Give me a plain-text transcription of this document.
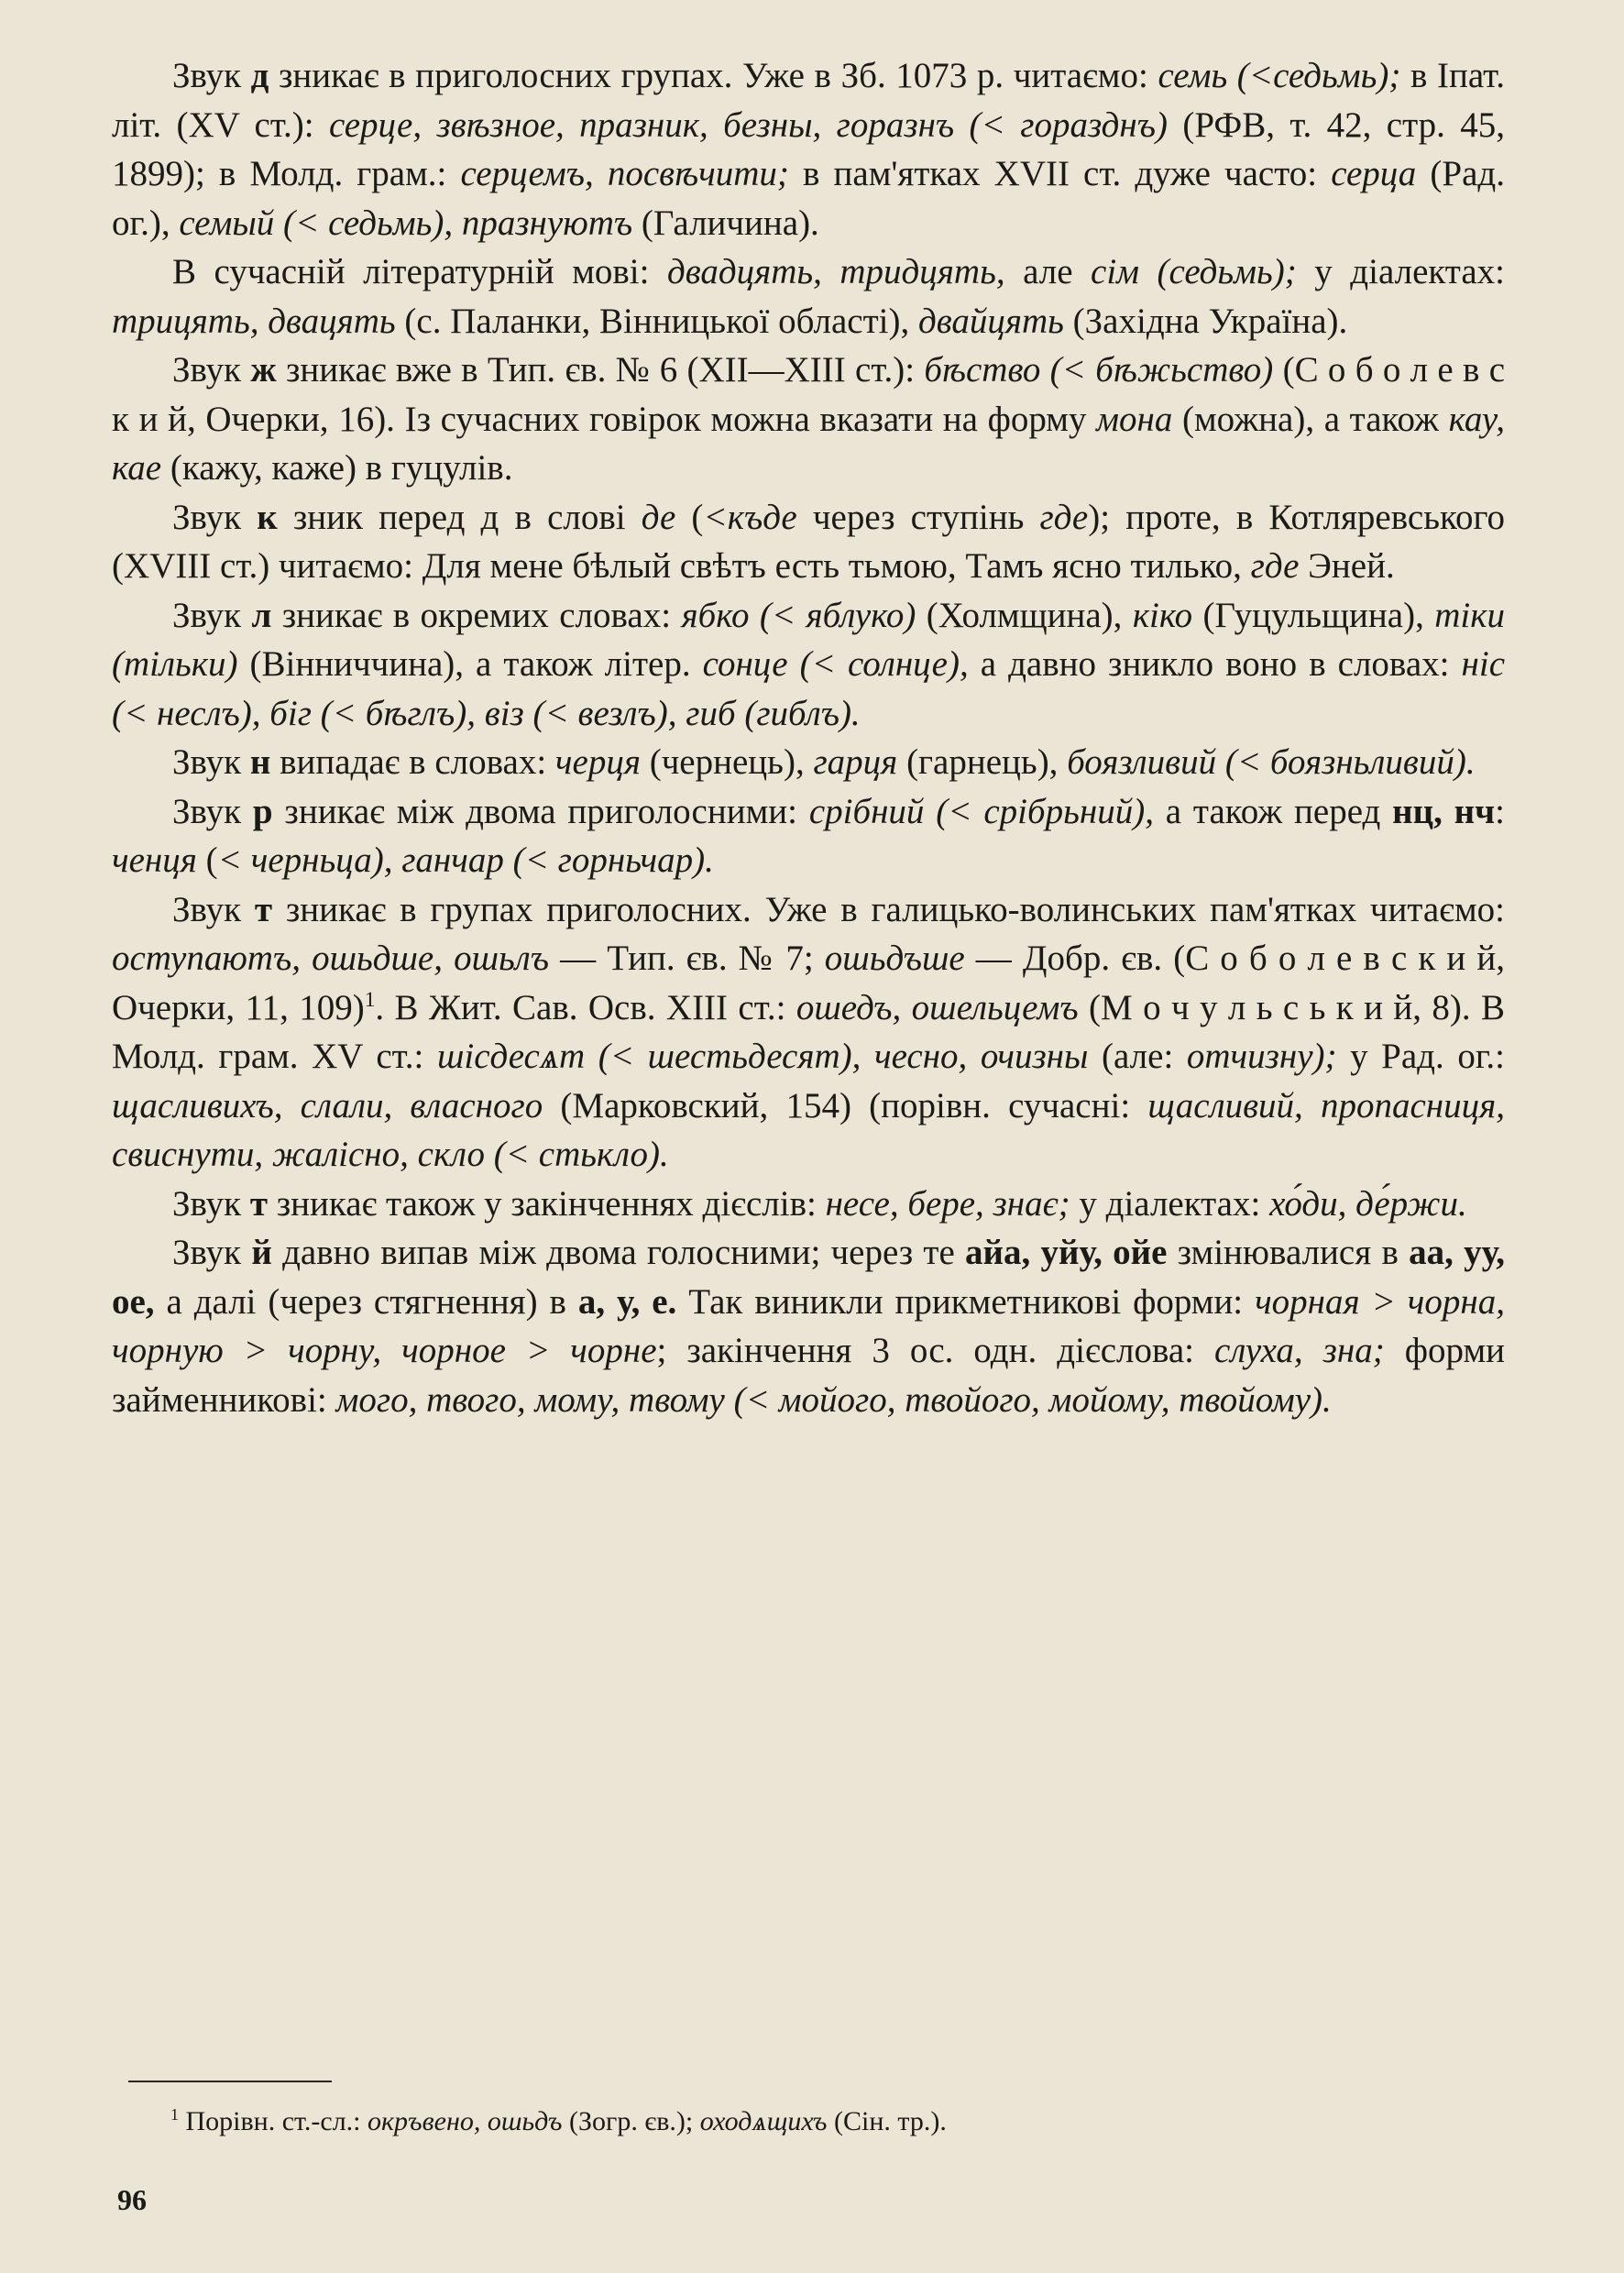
Звук д зникає в приголосних групах. Уже в Зб. 1073 р. читаємо: семь (<седьмь); в Іпат. літ. (XV ст.): серце, звѣзное, празник, безны, горазнъ (< горазднъ) (РФВ, т. 42, стр. 45, 1899); в Молд. грам.: серцемъ, посвѣчити; в пам'ятках XVII ст. дуже часто: серца (Рад. ог.), семый (< седьмь), празнуютъ (Галичина).

В сучасній літературній мові: двадцять, тридцять, але сім (седьмь); у діалектах: трицять, двацять (с. Паланки, Вінницької області), двайцять (Західна Україна).

Звук ж зникає вже в Тип. єв. № 6 (XII—XIII ст.): бѣство (< бѣжьство) (С о б о л е в с к и й, Очерки, 16). Із сучасних говірок можна вказати на форму мона (можна), а також кау, кае (кажу, каже) в гуцулів.

Звук к зник перед д в слові де (<къде через ступінь где); проте, в Котляревського (XVIII ст.) читаємо: Для мене бѣлый свѣтъ есть тьмою, Тамъ ясно тилько, где Эней.

Звук л зникає в окремих словах: ябко (< яблуко) (Холмщина), кіко (Гуцульщина), тіки (тільки) (Вінниччина), а також літер. сонце (< солнце), а давно зникло воно в словах: ніс (< неслъ), біг (< бѣглъ), віз (< везлъ), гиб (гиблъ).

Звук н випадає в словах: черця (чернець), гарця (гарнець), боязливий (< боязньливий).

Звук р зникає між двома приголосними: срібний (< срібрьний), а також перед нц, нч: ченця (< черньца), ганчар (< горньчар).

Звук т зникає в групах приголосних. Уже в галицько-волинських пам'ятках читаємо: оступаютъ, ошьдше, ошьлъ — Тип. єв. № 7; ошьдъше — Добр. єв. (С о б о л е в с к и й, Очерки, 11, 109)$^1$. В Жит. Сав. Осв. XIII ст.: ошедъ, ошельцемъ (М о ч у л ь с ь к и й, 8). В Молд. грам. XV ст.: шісдесѧт (< шестьдесят), чесно, очизны (але: отчизну); у Рад. ог.: щасливихъ, слали, власного (Марковский, 154) (порівн. сучасні: щасливий, пропасниця, свиснути, жалісно, скло (< стькло).

Звук т зникає також у закінченнях дієслів: несе, бере, знає; у діалектах: хо́ди, де́ржи.

Звук й давно випав між двома голосними; через те айа, уйу, ойе змінювалися в аа, уу, ое, а далі (через стягнення) в а, у, е. Так виникли прикметникові форми: чорная > чорна, чорную > чорну, чорное > чорне; закінчення 3 ос. одн. дієслова: слуха, зна; форми займенникові: мого, твого, мому, твому (< мойого, твойого, мойому, твойому).

$^1$ Порівн. ст.-сл.: окръвено, ошьдъ (Зогр. єв.); оходѧщихъ (Сін. тр.).
96
